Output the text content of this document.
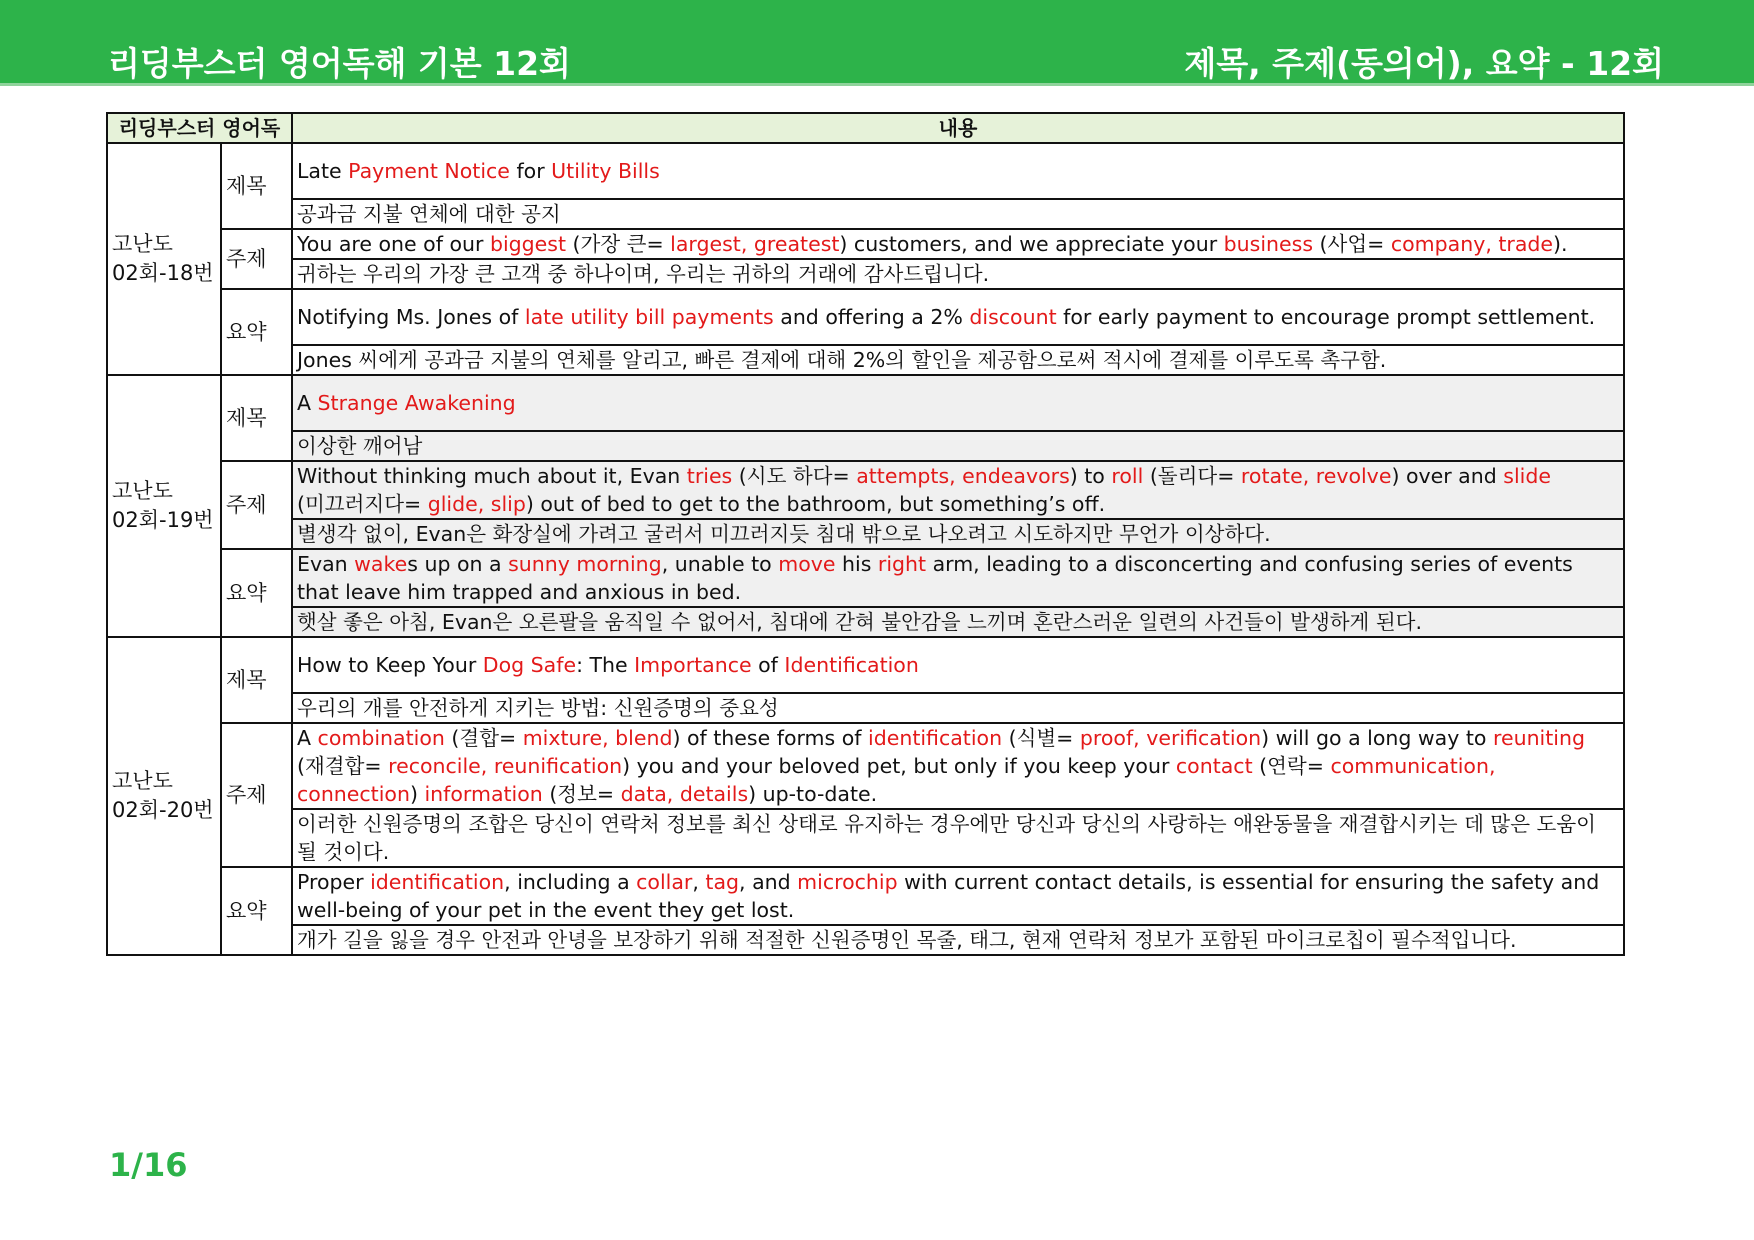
리딩부스터 영어독해 기본 12회	제목, 주제(동의어), 요약 - 12회
리딩부스터 영어독		내용
고난도 02회-18번	제목	Late Payment Notice for Utility Bills
		공과금 지불 연체에 대한 공지
	주제	You are one of our biggest (가장 큰= largest, greatest) customers, and we appreciate your business (사업= company, trade).
		귀하는 우리의 가장 큰 고객 중 하나이며, 우리는 귀하의 거래에 감사드립니다.
	요약	Notifying Ms. Jones of late utility bill payments and offering a 2% discount for early payment to encourage prompt settlement.
		Jones 씨에게 공과금 지불의 연체를 알리고, 빠른 결제에 대해 2%의 할인을 제공함으로써 적시에 결제를 이루도록 촉구함.
고난도 02회-19번	제목	A Strange Awakening
		이상한 깨어남
	주제	Without thinking much about it, Evan tries (시도 하다= attempts, endeavors) to roll (돌리다= rotate, revolve) over and slide (미끄러지다= glide, slip) out of bed to get to the bathroom, but something’s off.
		별생각 없이, Evan은 화장실에 가려고 굴러서 미끄러지듯 침대 밖으로 나오려고 시도하지만 무언가 이상하다.
	요약	Evan wakes up on a sunny morning, unable to move his right arm, leading to a disconcerting and confusing series of events that leave him trapped and anxious in bed.
		햇살 좋은 아침, Evan은 오른팔을 움직일 수 없어서, 침대에 갇혀 불안감을 느끼며 혼란스러운 일련의 사건들이 발생하게 된다.
고난도 02회-20번	제목	How to Keep Your Dog Safe: The Importance of Identification
		우리의 개를 안전하게 지키는 방법: 신원증명의 중요성
	주제	A combination (결합= mixture, blend) of these forms of identification (식별= proof, verification) will go a long way to reuniting (재결합= reconcile, reunification) you and your beloved pet, but only if you keep your contact (연락= communication, connection) information (정보= data, details) up-to-date.
		이러한 신원증명의 조합은 당신이 연락처 정보를 최신 상태로 유지하는 경우에만 당신과 당신의 사랑하는 애완동물을 재결합시키는 데 많은 도움이 될 것이다.
	요약	Proper identification, including a collar, tag, and microchip with current contact details, is essential for ensuring the safety and well-being of your pet in the event they get lost.
		개가 길을 잃을 경우 안전과 안녕을 보장하기 위해 적절한 신원증명인 목줄, 태그, 현재 연락처 정보가 포함된 마이크로칩이 필수적입니다.
1/16
